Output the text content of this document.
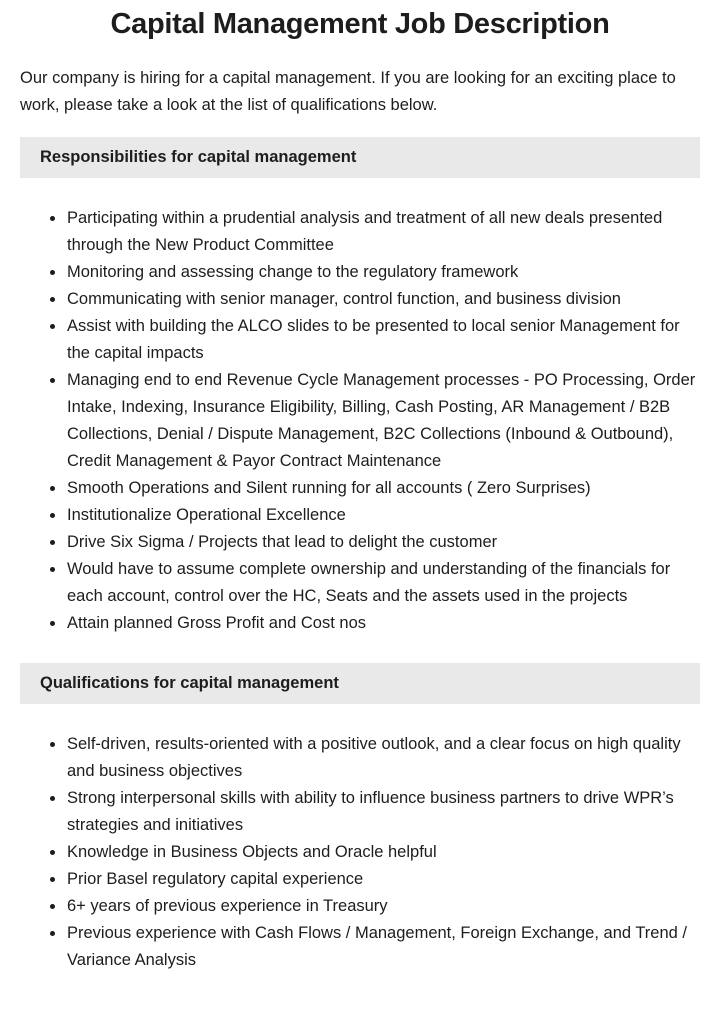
Capital Management Job Description

Our company is hiring for a capital management. If you are looking for an exciting place to work, please take a look at the list of qualifications below.

Responsibilities for capital management
Participating within a prudential analysis and treatment of all new deals presented through the New Product Committee
Monitoring and assessing change to the regulatory framework
Communicating with senior manager, control function, and business division
Assist with building the ALCO slides to be presented to local senior Management for the capital impacts
Managing end to end Revenue Cycle Management processes - PO Processing, Order Intake, Indexing, Insurance Eligibility, Billing, Cash Posting, AR Management / B2B Collections, Denial / Dispute Management, B2C Collections (Inbound & Outbound), Credit Management & Payor Contract Maintenance
Smooth Operations and Silent running for all accounts ( Zero Surprises)
Institutionalize Operational Excellence
Drive Six Sigma / Projects that lead to delight the customer
Would have to assume complete ownership and understanding of the financials for each account, control over the HC, Seats and the assets used in the projects
Attain planned Gross Profit and Cost nos
Qualifications for capital management
Self-driven, results-oriented with a positive outlook, and a clear focus on high quality and business objectives
Strong interpersonal skills with ability to influence business partners to drive WPR’s strategies and initiatives
Knowledge in Business Objects and Oracle helpful
Prior Basel regulatory capital experience
6+ years of previous experience in Treasury
Previous experience with Cash Flows / Management, Foreign Exchange, and Trend / Variance Analysis
